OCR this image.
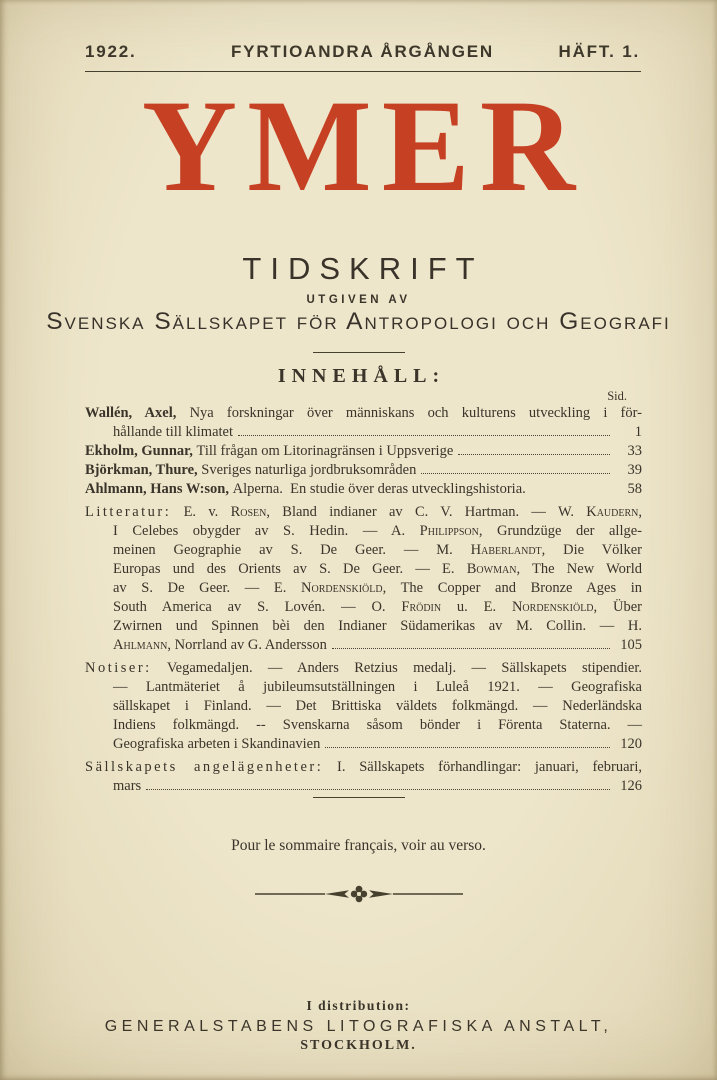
1922.	FYRTIOANDRA ÅRGÅNGEN	HÄFT. 1.
YMER
TIDSKRIFT
UTGIVEN AV
Svenska Sällskapet för Antropologi och Geografi
INNEHÅLL:
Sid.
Wallén, Axel, Nya forskningar över människans och kulturens utveckling i för-
hållande till klimatet	1
Ekholm, Gunnar, Till frågan om Litorinagränsen i Uppsverige	33
Björkman, Thure, Sveriges naturliga jordbruksområden	39
Ahlmann, Hans W:son, Alperna.  En studie över deras utvecklingshistoria.	58
Litteratur: E. v. Rosen, Bland indianer av C. V. Hartman. — W. Kaudern,
I Celebes obygder av S. Hedin. — A. Philippson, Grundzüge der allge-
meinen Geographie av S. De Geer. — M. Haberlandt, Die Völker
Europas und des Orients av S. De Geer. — E. Bowman, The New World
av S. De Geer. — E. Nordenskiöld, The Copper and Bronze Ages in
South America av S. Lovén. — O. Frödin u. E. Nordenskiöld, Über
Zwirnen und Spinnen bèi den Indianer Südamerikas av M. Collin. — H.
Ahlmann , Norrland av G. Andersson	105
Notiser: Vegamedaljen. — Anders Retzius medalj. — Sällskapets stipendier.
— Lantmäteriet å jubileumsutställningen i Luleå 1921. — Geografiska
sällskapet i Finland. — Det Brittiska väldets folkmängd. — Nederländska
Indiens folkmängd. -- Svenskarna såsom bönder i Förenta Staterna. —
Geografiska arbeten i Skandinavien	120
Sällskapets angelägenheter: I. Sällskapets förhandlingar: januari, februari,
mars	126
Pour le sommaire français, voir au verso.
I distribution:
GENERALSTABENS LITOGRAFISKA ANSTALT,
STOCKHOLM.
